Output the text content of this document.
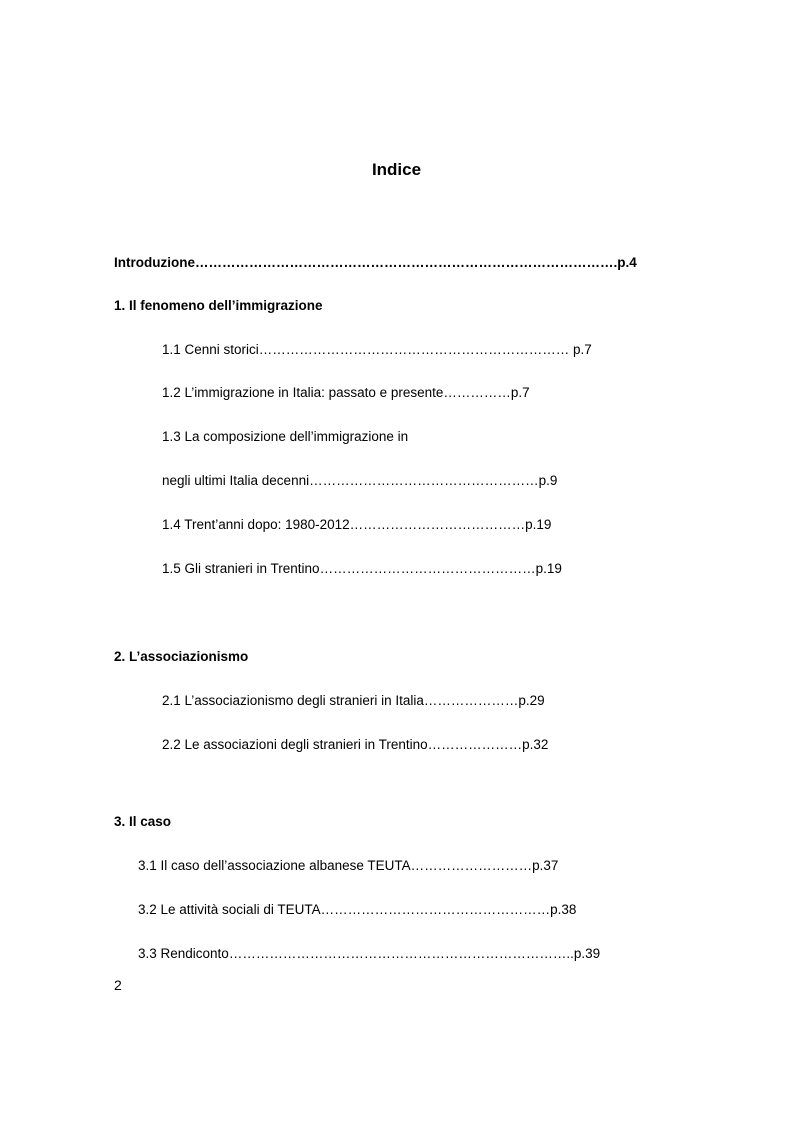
Indice
Introduzione………………………………………………………………………………….p.4
1. Il fenomeno dell’immigrazione
1.1 Cenni storici…………………………………………………………… p.7
1.2 L’immigrazione in Italia: passato e presente……………p.7
1.3 La composizione dell’immigrazione in
negli ultimi Italia decenni……………………………………………p.9
1.4 Trent’anni dopo: 1980-2012…………………………………p.19
1.5 Gli stranieri in Trentino…………………………………………p.19
2. L’associazionismo
2.1 L’associazionismo degli stranieri in Italia…………………p.29
2.2 Le associazioni degli stranieri in Trentino…………………p.32
3. Il caso
3.1 Il caso dell’associazione albanese TEUTA………………………p.37
3.2 Le attività sociali di TEUTA……………………………………………p.38
3.3 Rendiconto…………………………………………………………………..p.39
2
